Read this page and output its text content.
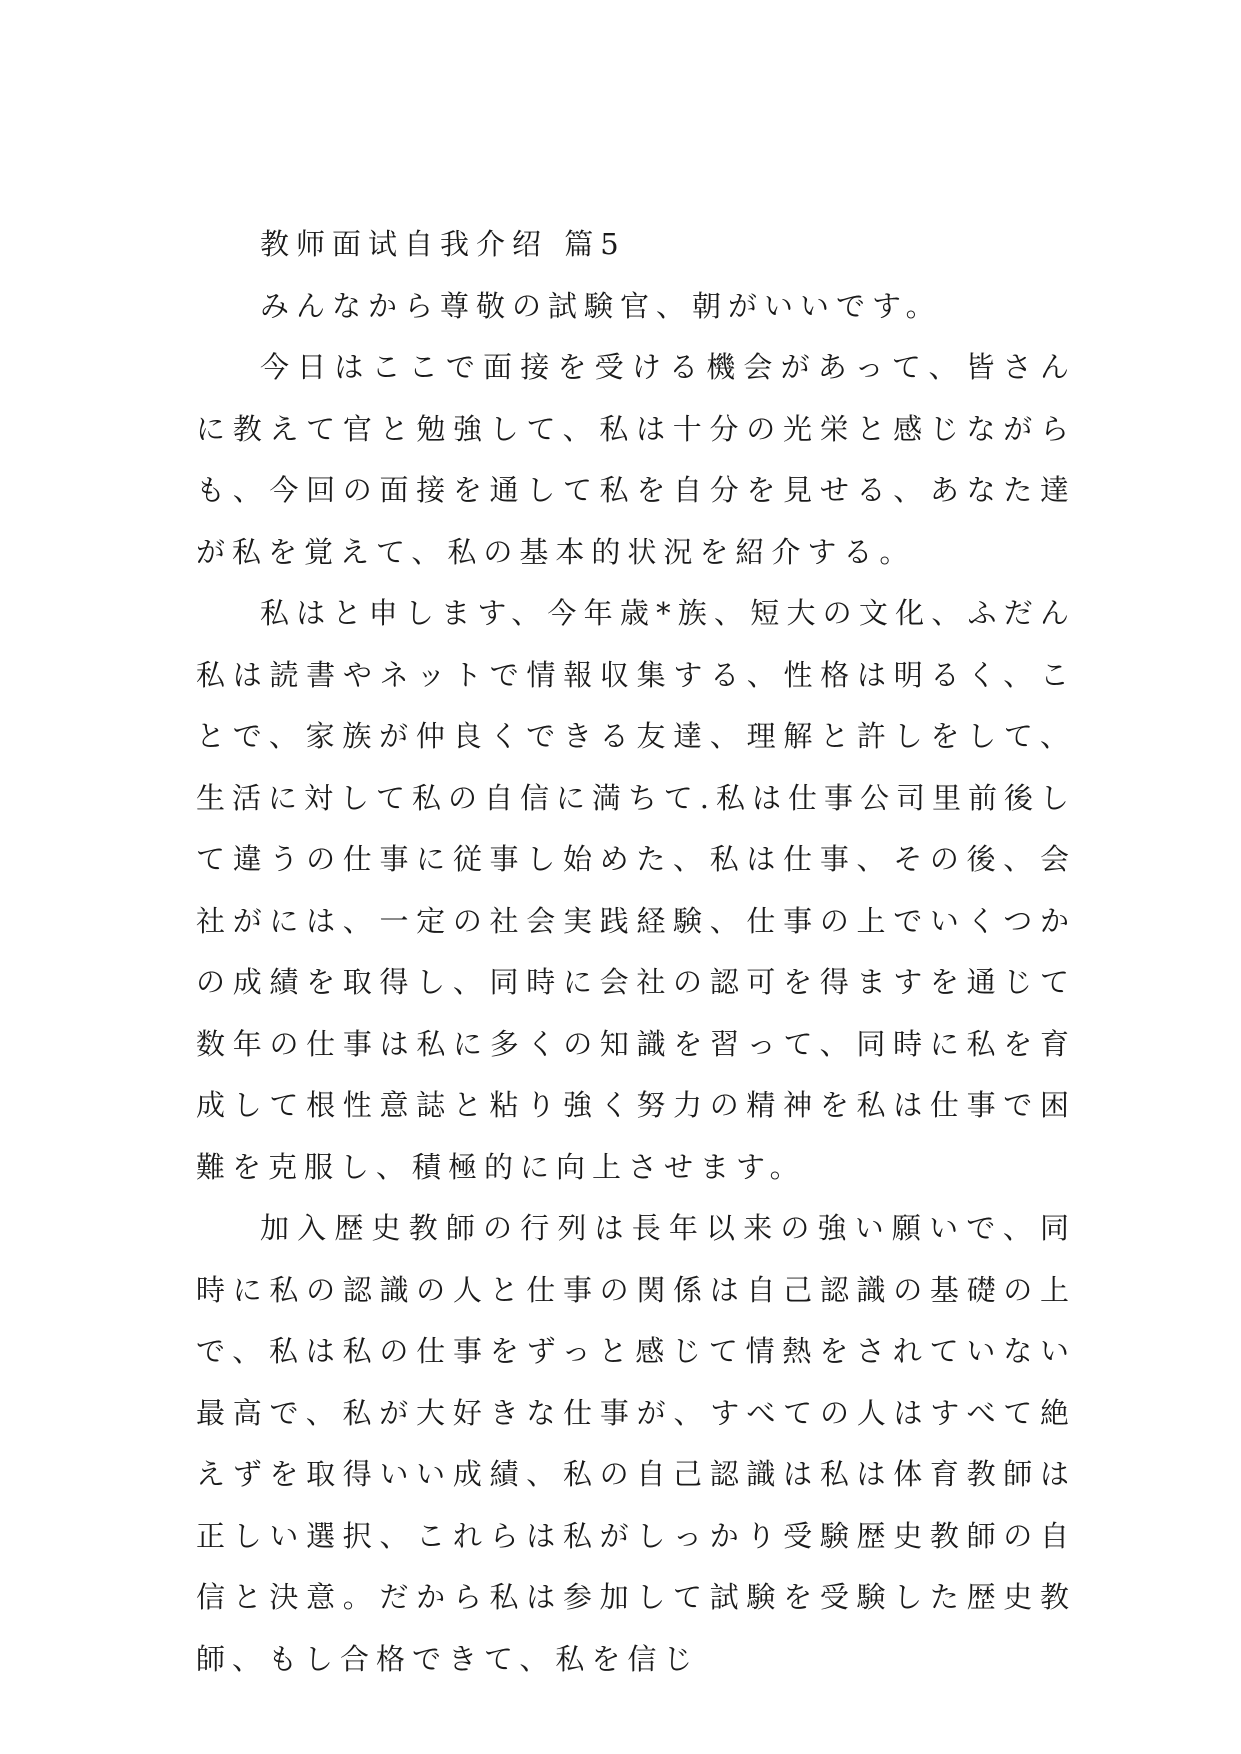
教师面试自我介绍 篇5

みんなから尊敬の試験官、朝がいいです。

今日はここで面接を受ける機会があって、皆さんに教えて官と勉強して、私は十分の光栄と感じながらも、今回の面接を通して私を自分を見せる、あなた達が私を覚えて、私の基本的状況を紹介する。

私はと申します、今年歳*族、短大の文化、ふだん私は読書やネットで情報収集する、性格は明るく、ことで、家族が仲良くできる友達、理解と許しをして、生活に対して私の自信に満ちて.私は仕事公司里前後して違うの仕事に従事し始めた、私は仕事、その後、会社がには、一定の社会実践経験、仕事の上でいくつかの成績を取得し、同時に会社の認可を得ますを通じて数年の仕事は私に多くの知識を習って、同時に私を育成して根性意誌と粘り強く努力の精神を私は仕事で困難を克服し、積極的に向上させます。

加入歴史教師の行列は長年以来の強い願いで、同時に私の認識の人と仕事の関係は自己認識の基礎の上で、私は私の仕事をずっと感じて情熱をされていない最高で、私が大好きな仕事が、すべての人はすべて絶えずを取得いい成績、私の自己認識は私は体育教師は正しい選択、これらは私がしっかり受験歴史教師の自信と決意。だから私は参加して試験を受験した歴史教師、もし合格できて、私を信じ
